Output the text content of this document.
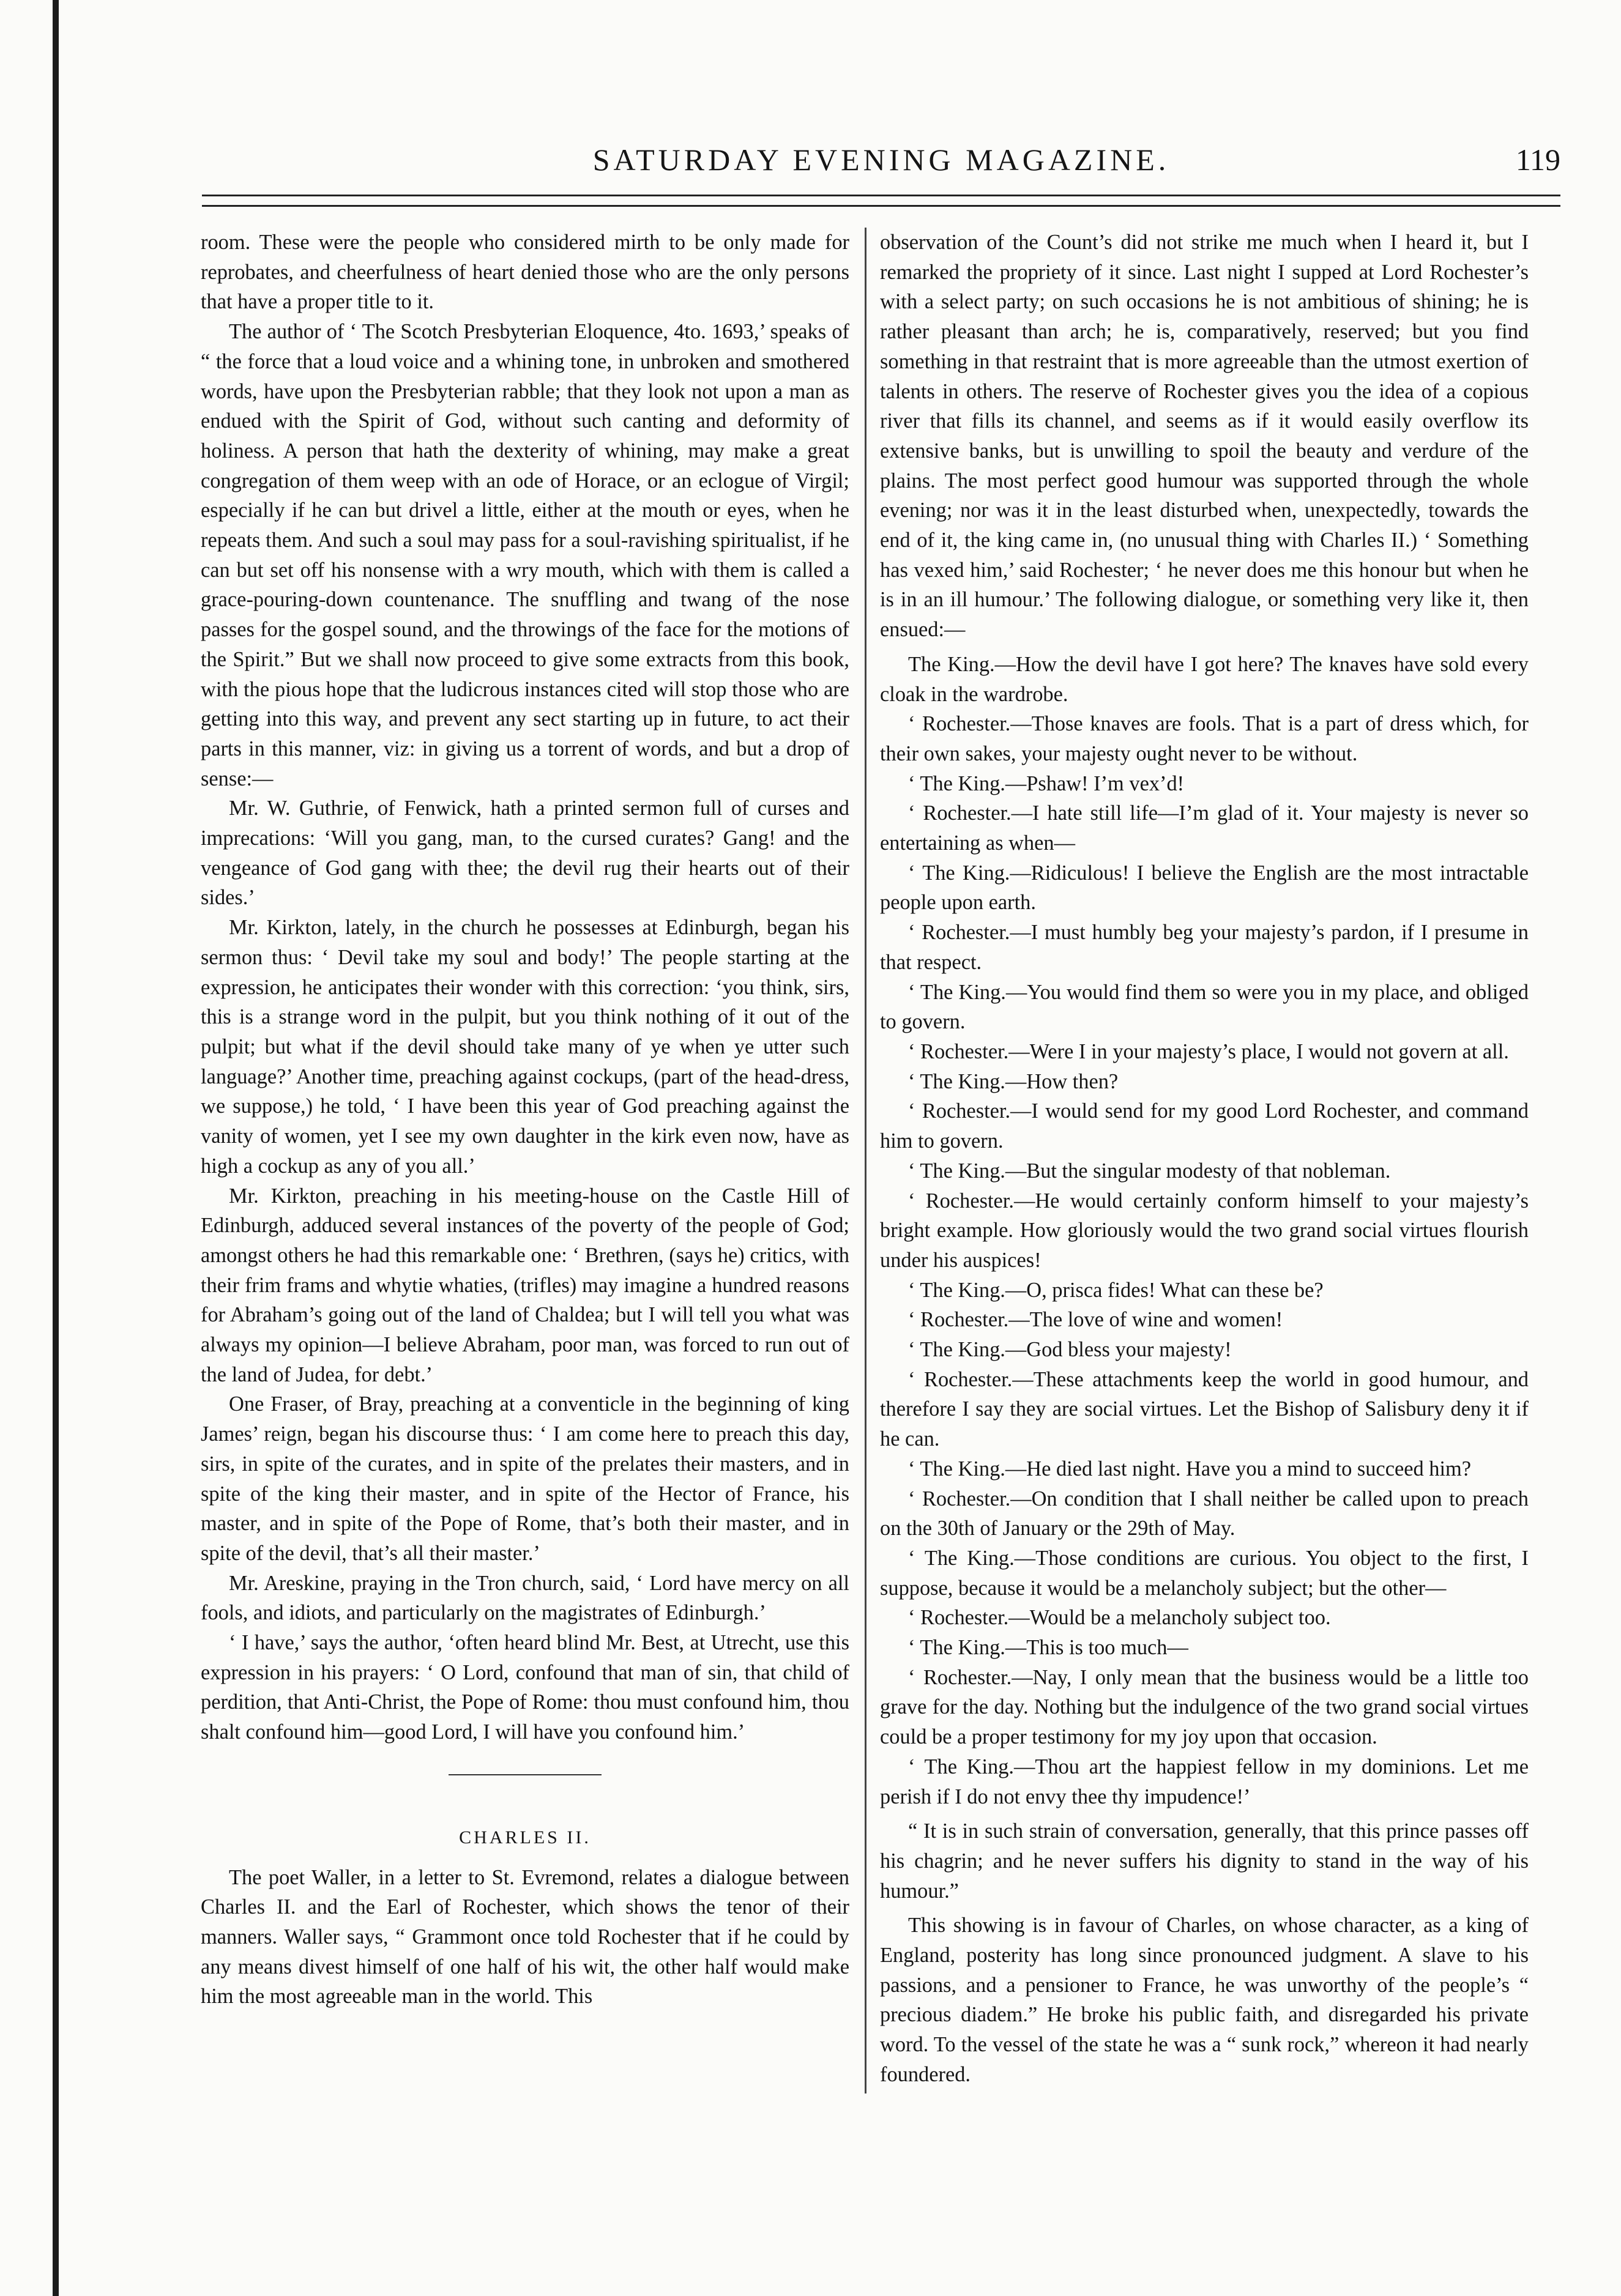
SATURDAY EVENING MAGAZINE.	119

room. These were the people who considered mirth to be only made for reprobates, and cheerfulness of heart denied those who are the only persons that have a proper title to it.

The author of ‘ The Scotch Presbyterian Eloquence, 4to. 1693,’ speaks of “ the force that a loud voice and a whining tone, in unbroken and smothered words, have upon the Presbyterian rabble; that they look not upon a man as endued with the Spirit of God, without such canting and deformity of holiness. A person that hath the dexterity of whining, may make a great congregation of them weep with an ode of Horace, or an eclogue of Virgil; especially if he can but drivel a little, either at the mouth or eyes, when he repeats them. And such a soul may pass for a soul-ravishing spiritualist, if he can but set off his nonsense with a wry mouth, which with them is called a grace-pouring-down countenance. The snuffling and twang of the nose passes for the gospel sound, and the throwings of the face for the motions of the Spirit.” But we shall now proceed to give some extracts from this book, with the pious hope that the ludicrous instances cited will stop those who are getting into this way, and prevent any sect starting up in future, to act their parts in this manner, viz: in giving us a torrent of words, and but a drop of sense:—

Mr. W. Guthrie, of Fenwick, hath a printed sermon full of curses and imprecations: ‘Will you gang, man, to the cursed curates? Gang! and the vengeance of God gang with thee; the devil rug their hearts out of their sides.’

Mr. Kirkton, lately, in the church he possesses at Edinburgh, began his sermon thus: ‘ Devil take my soul and body!’ The people starting at the expression, he anticipates their wonder with this correction: ‘you think, sirs, this is a strange word in the pulpit, but you think nothing of it out of the pulpit; but what if the devil should take many of ye when ye utter such language?’ Another time, preaching against cockups, (part of the head-dress, we suppose,) he told, ‘ I have been this year of God preaching against the vanity of women, yet I see my own daughter in the kirk even now, have as high a cockup as any of you all.’

Mr. Kirkton, preaching in his meeting-house on the Castle Hill of Edinburgh, adduced several instances of the poverty of the people of God; amongst others he had this remarkable one: ‘ Brethren, (says he) critics, with their frim frams and whytie whaties, (trifles) may imagine a hundred reasons for Abraham’s going out of the land of Chaldea; but I will tell you what was always my opinion—I believe Abraham, poor man, was forced to run out of the land of Judea, for debt.’

One Fraser, of Bray, preaching at a conventicle in the beginning of king James’ reign, began his discourse thus: ‘ I am come here to preach this day, sirs, in spite of the curates, and in spite of the prelates their masters, and in spite of the king their master, and in spite of the Hector of France, his master, and in spite of the Pope of Rome, that’s both their master, and in spite of the devil, that’s all their master.’

Mr. Areskine, praying in the Tron church, said, ‘ Lord have mercy on all fools, and idiots, and particularly on the magistrates of Edinburgh.’

‘ I have,’ says the author, ‘often heard blind Mr. Best, at Utrecht, use this expression in his prayers: ‘ O Lord, confound that man of sin, that child of perdition, that Anti-Christ, the Pope of Rome: thou must confound him, thou shalt confound him—good Lord, I will have you confound him.’

CHARLES II.

The poet Waller, in a letter to St. Evremond, relates a dialogue between Charles II. and the Earl of Rochester, which shows the tenor of their manners. Waller says, “ Grammont once told Rochester that if he could by any means divest himself of one half of his wit, the other half would make him the most agreeable man in the world. This

observation of the Count’s did not strike me much when I heard it, but I remarked the propriety of it since. Last night I supped at Lord Rochester’s with a select party; on such occasions he is not ambitious of shining; he is rather pleasant than arch; he is, comparatively, reserved; but you find something in that restraint that is more agreeable than the utmost exertion of talents in others. The reserve of Rochester gives you the idea of a copious river that fills its channel, and seems as if it would easily overflow its extensive banks, but is unwilling to spoil the beauty and verdure of the plains. The most perfect good humour was supported through the whole evening; nor was it in the least disturbed when, unexpectedly, towards the end of it, the king came in, (no unusual thing with Charles II.) ‘ Something has vexed him,’ said Rochester; ‘ he never does me this honour but when he is in an ill humour.’ The following dialogue, or something very like it, then ensued:—

The King.—How the devil have I got here? The knaves have sold every cloak in the wardrobe.

‘ Rochester.—Those knaves are fools. That is a part of dress which, for their own sakes, your majesty ought never to be without.

‘ The King.—Pshaw! I’m vex’d!

‘ Rochester.—I hate still life—I’m glad of it. Your majesty is never so entertaining as when—

‘ The King.—Ridiculous! I believe the English are the most intractable people upon earth.

‘ Rochester.—I must humbly beg your majesty’s pardon, if I presume in that respect.

‘ The King.—You would find them so were you in my place, and obliged to govern.

‘ Rochester.—Were I in your majesty’s place, I would not govern at all.

‘ The King.—How then?

‘ Rochester.—I would send for my good Lord Rochester, and command him to govern.

‘ The King.—But the singular modesty of that nobleman.

‘ Rochester.—He would certainly conform himself to your majesty’s bright example. How gloriously would the two grand social virtues flourish under his auspices!

‘ The King.—O, prisca fides! What can these be?

‘ Rochester.—The love of wine and women!

‘ The King.—God bless your majesty!

‘ Rochester.—These attachments keep the world in good humour, and therefore I say they are social virtues. Let the Bishop of Salisbury deny it if he can.

‘ The King.—He died last night. Have you a mind to succeed him?

‘ Rochester.—On condition that I shall neither be called upon to preach on the 30th of January or the 29th of May.

‘ The King.—Those conditions are curious. You object to the first, I suppose, because it would be a melancholy subject; but the other—

‘ Rochester.—Would be a melancholy subject too.

‘ The King.—This is too much—

‘ Rochester.—Nay, I only mean that the business would be a little too grave for the day. Nothing but the indulgence of the two grand social virtues could be a proper testimony for my joy upon that occasion.

‘ The King.—Thou art the happiest fellow in my dominions. Let me perish if I do not envy thee thy impudence!’

“ It is in such strain of conversation, generally, that this prince passes off his chagrin; and he never suffers his dignity to stand in the way of his humour.”

This showing is in favour of Charles, on whose character, as a king of England, posterity has long since pronounced judgment. A slave to his passions, and a pensioner to France, he was unworthy of the people’s “ precious diadem.” He broke his public faith, and disregarded his private word. To the vessel of the state he was a “ sunk rock,” whereon it had nearly foundered.
